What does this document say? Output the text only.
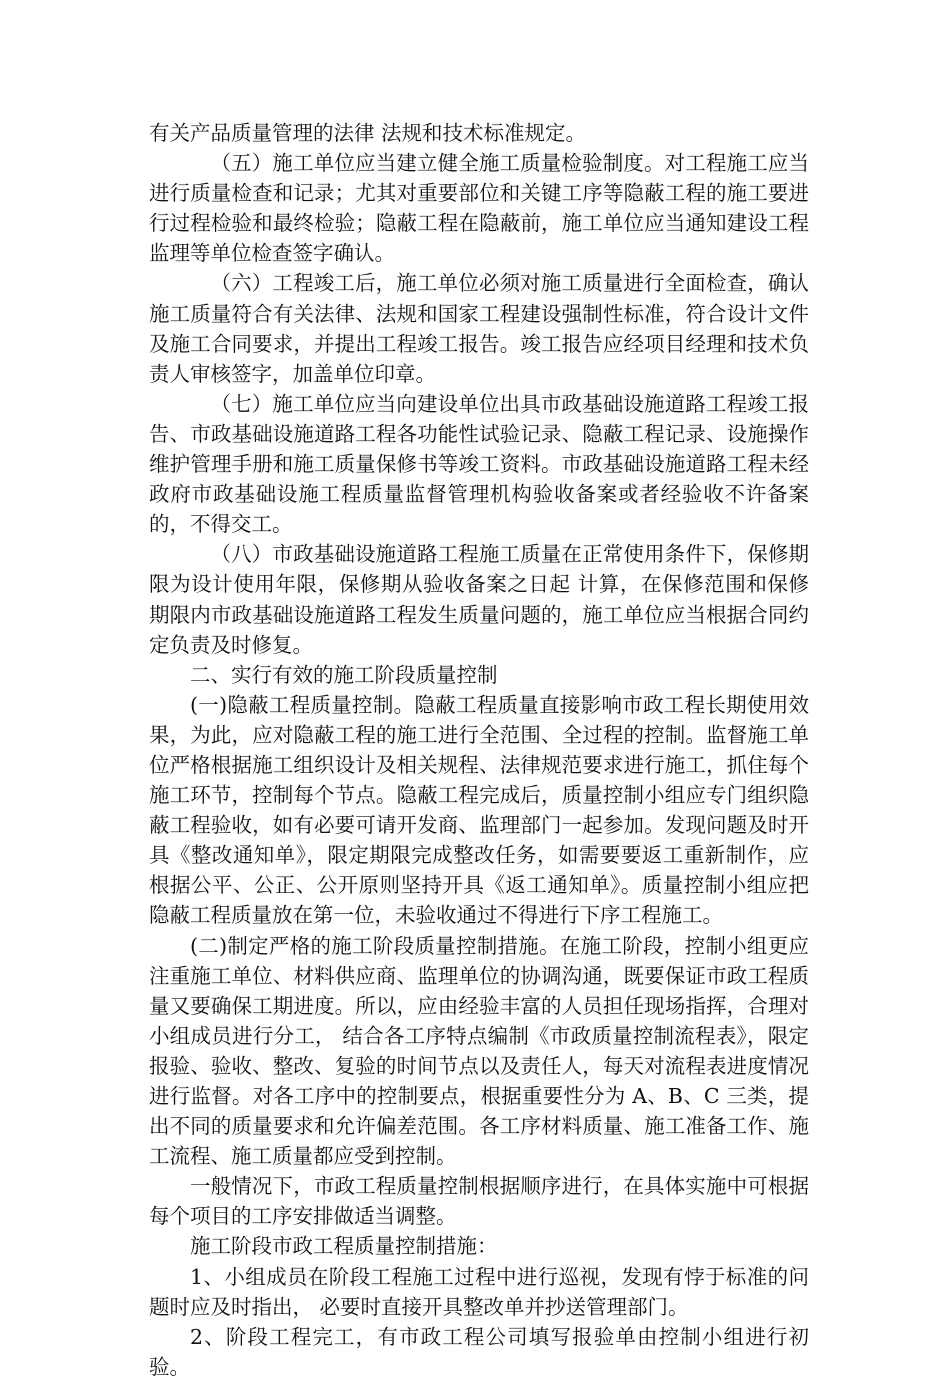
有关产品质量管理的法律 法规和技术标准规定。

（五）施工单位应当建立健全施工质量检验制度。对工程施工应当进行质量检查和记录；尤其对重要部位和关键工序等隐蔽工程的施工要进行过程检验和最终检验；隐蔽工程在隐蔽前，施工单位应当通知建设工程监理等单位检查签字确认。

（六）工程竣工后，施工单位必须对施工质量进行全面检查，确认施工质量符合有关法律、法规和国家工程建设强制性标准，符合设计文件及施工合同要求，并提出工程竣工报告。竣工报告应经项目经理和技术负责人审核签字，加盖单位印章。

（七）施工单位应当向建设单位出具市政基础设施道路工程竣工报告、市政基础设施道路工程各功能性试验记录、隐蔽工程记录、设施操作维护管理手册和施工质量保修书等竣工资料。市政基础设施道路工程未经政府市政基础设施工程质量监督管理机构验收备案或者经验收不许备案的，不得交工。

（八）市政基础设施道路工程施工质量在正常使用条件下，保修期限为设计使用年限，保修期从验收备案之日起 计算，在保修范围和保修期限内市政基础设施道路工程发生质量问题的，施工单位应当根据合同约定负责及时修复。

二、实行有效的施工阶段质量控制

(一)隐蔽工程质量控制。隐蔽工程质量直接影响市政工程长期使用效果，为此，应对隐蔽工程的施工进行全范围、全过程的控制。监督施工单位严格根据施工组织设计及相关规程、法律规范要求进行施工，抓住每个施工环节，控制每个节点。隐蔽工程完成后，质量控制小组应专门组织隐蔽工程验收，如有必要可请开发商、监理部门一起参加。发现问题及时开具《整改通知单》，限定期限完成整改任务，如需要要返工重新制作，应根据公平、公正、公开原则坚持开具《返工通知单》。质量控制小组应把隐蔽工程质量放在第一位，未验收通过不得进行下序工程施工。

(二)制定严格的施工阶段质量控制措施。在施工阶段，控制小组更应注重施工单位、材料供应商、监理单位的协调沟通，既要保证市政工程质量又要确保工期进度。所以，应由经验丰富的人员担任现场指挥，合理对小组成员进行分工， 结合各工序特点编制《市政质量控制流程表》，限定报验、验收、整改、复验的时间节点以及责任人，每天对流程表进度情况进行监督。对各工序中的控制要点，根据重要性分为 A、B、C 三类，提出不同的质量要求和允许偏差范围。各工序材料质量、施工准备工作、施工流程、施工质量都应受到控制。

一般情况下，市政工程质量控制根据顺序进行，在具体实施中可根据每个项目的工序安排做适当调整。

施工阶段市政工程质量控制措施：

1、小组成员在阶段工程施工过程中进行巡视，发现有悖于标准的问题时应及时指出， 必要时直接开具整改单并抄送管理部门。

2、阶段工程完工，有市政工程公司填写报验单由控制小组进行初验。
